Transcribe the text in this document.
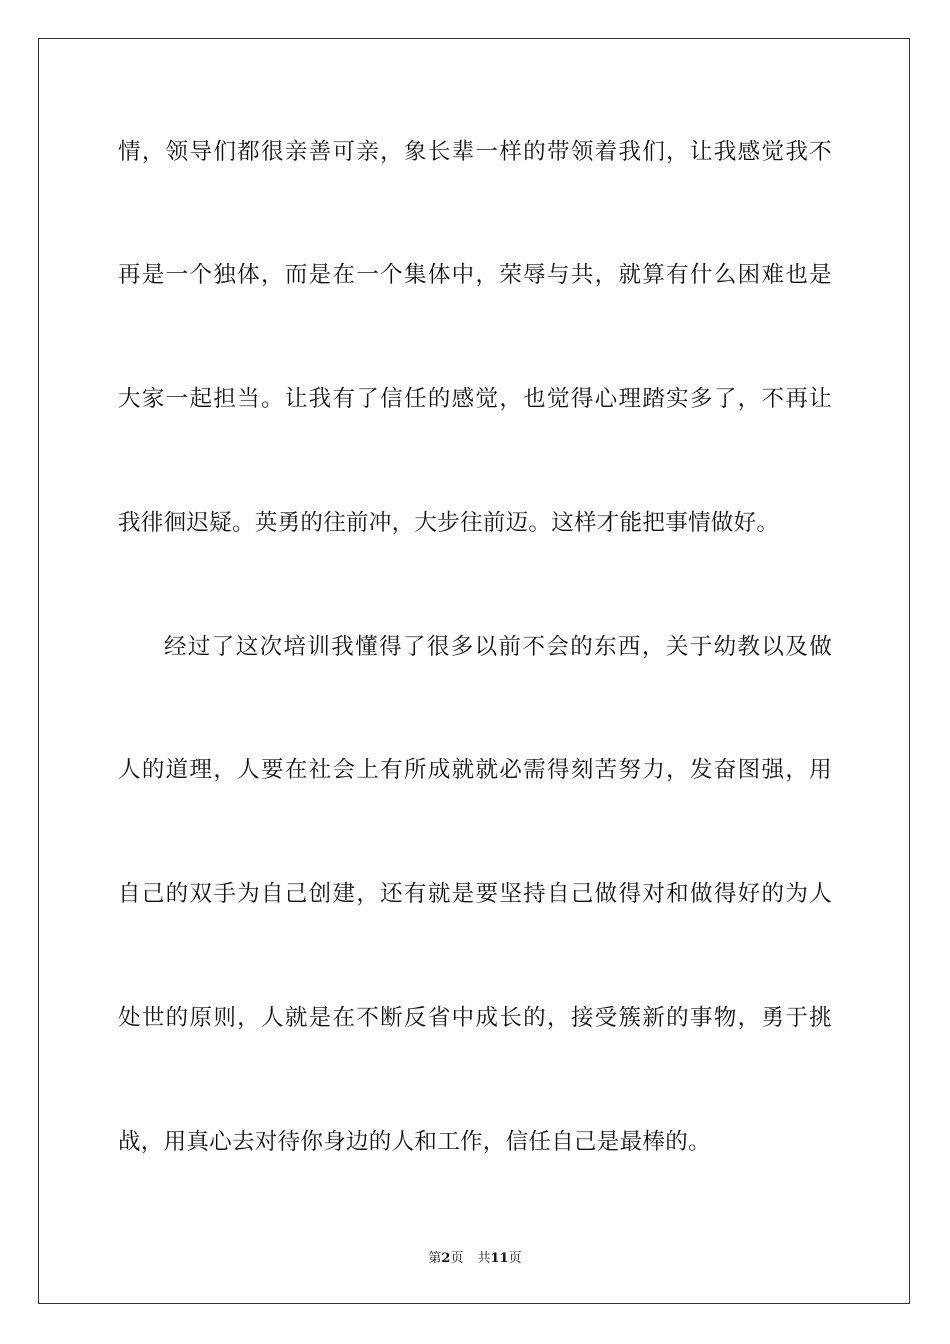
情，领导们都很亲善可亲，象长辈一样的带领着我们，让我感觉我不
再是一个独体，而是在一个集体中，荣辱与共，就算有什么困难也是
大家一起担当。让我有了信任的感觉，也觉得心理踏实多了，不再让
我徘徊迟疑。英勇的往前冲，大步往前迈。这样才能把事情做好。
经过了这次培训我懂得了很多以前不会的东西，关于幼教以及做
人的道理，人要在社会上有所成就就必需得刻苦努力，发奋图强，用
自己的双手为自己创建，还有就是要坚持自己做得对和做得好的为人
处世的原则，人就是在不断反省中成长的，接受簇新的事物，勇于挑
战，用真心去对待你身边的人和工作，信任自己是最棒的。
第2页 共11页
